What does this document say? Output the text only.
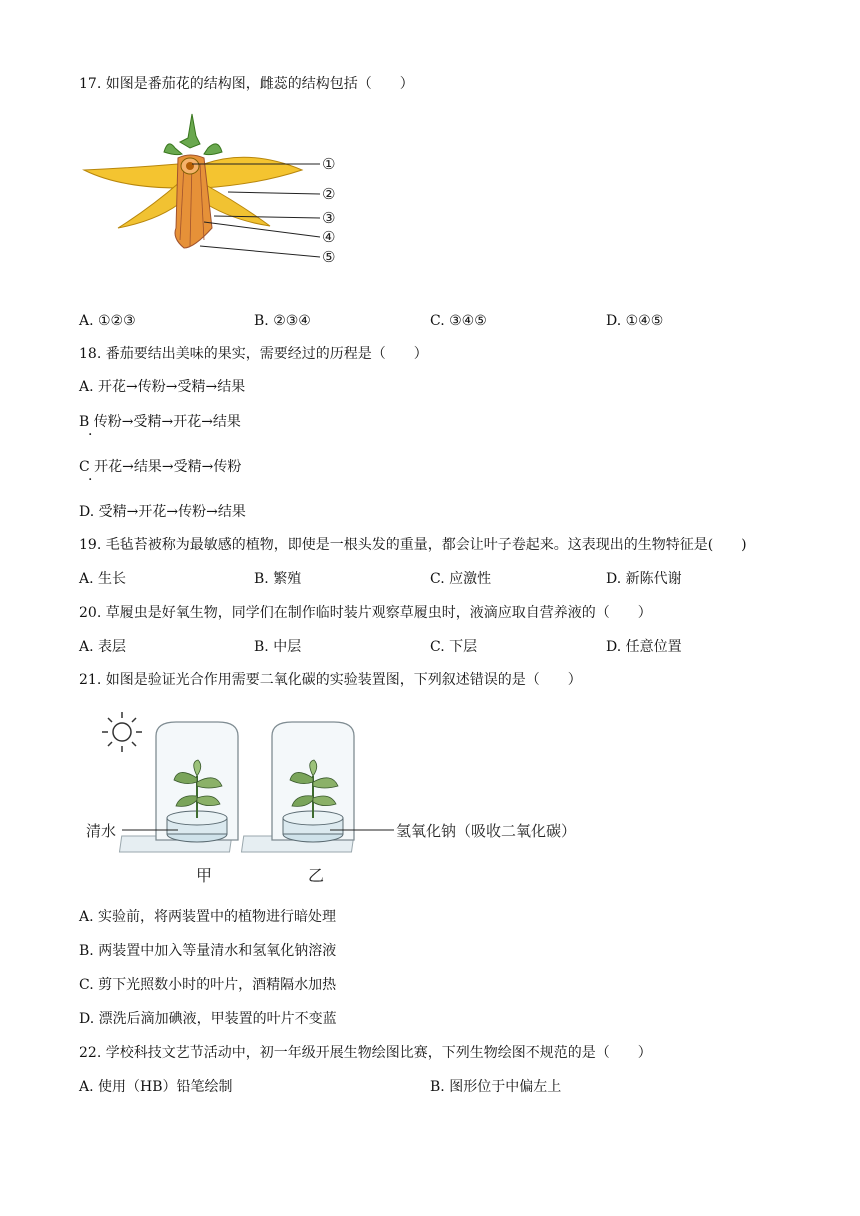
17. 如图是番茄花的结构图，雌蕊的结构包括（　　）
①
②
③
④
⑤
A. ①②③	B. ②③④	C. ③④⑤	D. ①④⑤
18. 番茄要结出美味的果实，需要经过的历程是（　　）
A. 开花→传粉→受精→结果
B 传粉→受精→开花→结果
·
C 开花→结果→受精→传粉
·
D. 受精→开花→传粉→结果
19. 毛毡苔被称为最敏感的植物，即使是一根头发的重量，都会让叶子卷起来。这表现出的生物特征是(　　)
A. 生长	B. 繁殖	C. 应激性	D. 新陈代谢
20. 草履虫是好氧生物，同学们在制作临时装片观察草履虫时，液滴应取自营养液的（　　）
A. 表层	B. 中层	C. 下层	D. 任意位置
21. 如图是验证光合作用需要二氧化碳的实验装置图，下列叙述错误的是（　　）
清水	氢氧化钠（吸收二氧化碳）
甲	乙
A. 实验前，将两装置中的植物进行暗处理
B. 两装置中加入等量清水和氢氧化钠溶液
C. 剪下光照数小时的叶片，酒精隔水加热
D. 漂洗后滴加碘液，甲装置的叶片不变蓝
22. 学校科技文艺节活动中，初一年级开展生物绘图比赛，下列生物绘图不规范的是（　　）
A. 使用（HB）铅笔绘制	B. 图形位于中偏左上
